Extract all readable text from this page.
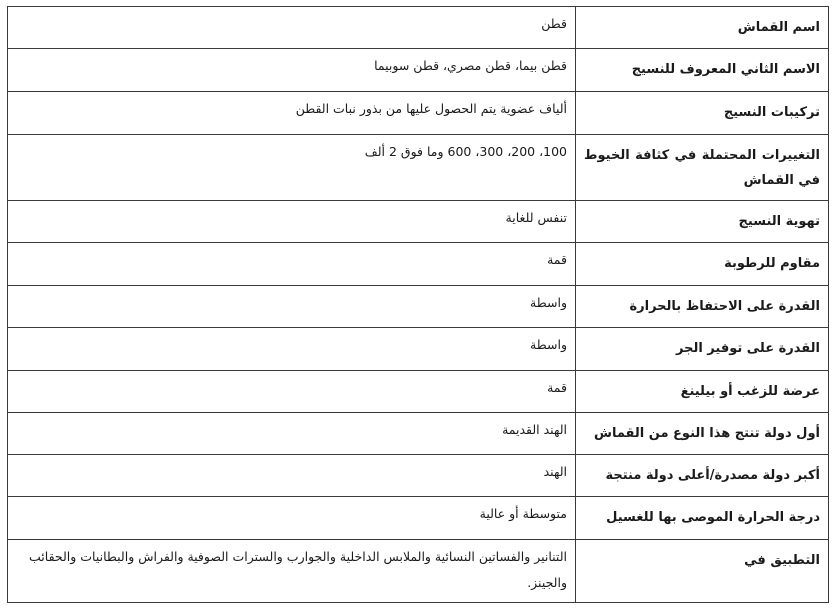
اسم القماش	قطن
الاسم الثاني المعروف للنسيج	قطن بيما، قطن مصري، قطن سوبيما
تركيبات النسيج	ألياف عضوية يتم الحصول عليها من بذور نبات القطن
التغييرات المحتملة في كثافة الخيوط في القماش	100، 200، 300، 600 وما فوق 2 ألف
تهوية النسيج	تنفس للغاية
مقاوم للرطوبة	قمة
القدرة على الاحتفاظ بالحرارة	واسطة
القدرة على توفير الجر	واسطة
عرضة للزغب أو بيلينغ	قمة
أول دولة تنتج هذا النوع من القماش	الهند القديمة
أكبر دولة مصدرة/أعلى دولة منتجة	الهند
درجة الحرارة الموصى بها للغسيل	متوسطة أو عالية
التطبيق في	التنانير والفساتين النسائية والملابس الداخلية والجوارب والسترات الصوفية والفراش والبطانيات والحقائب والجينز.
